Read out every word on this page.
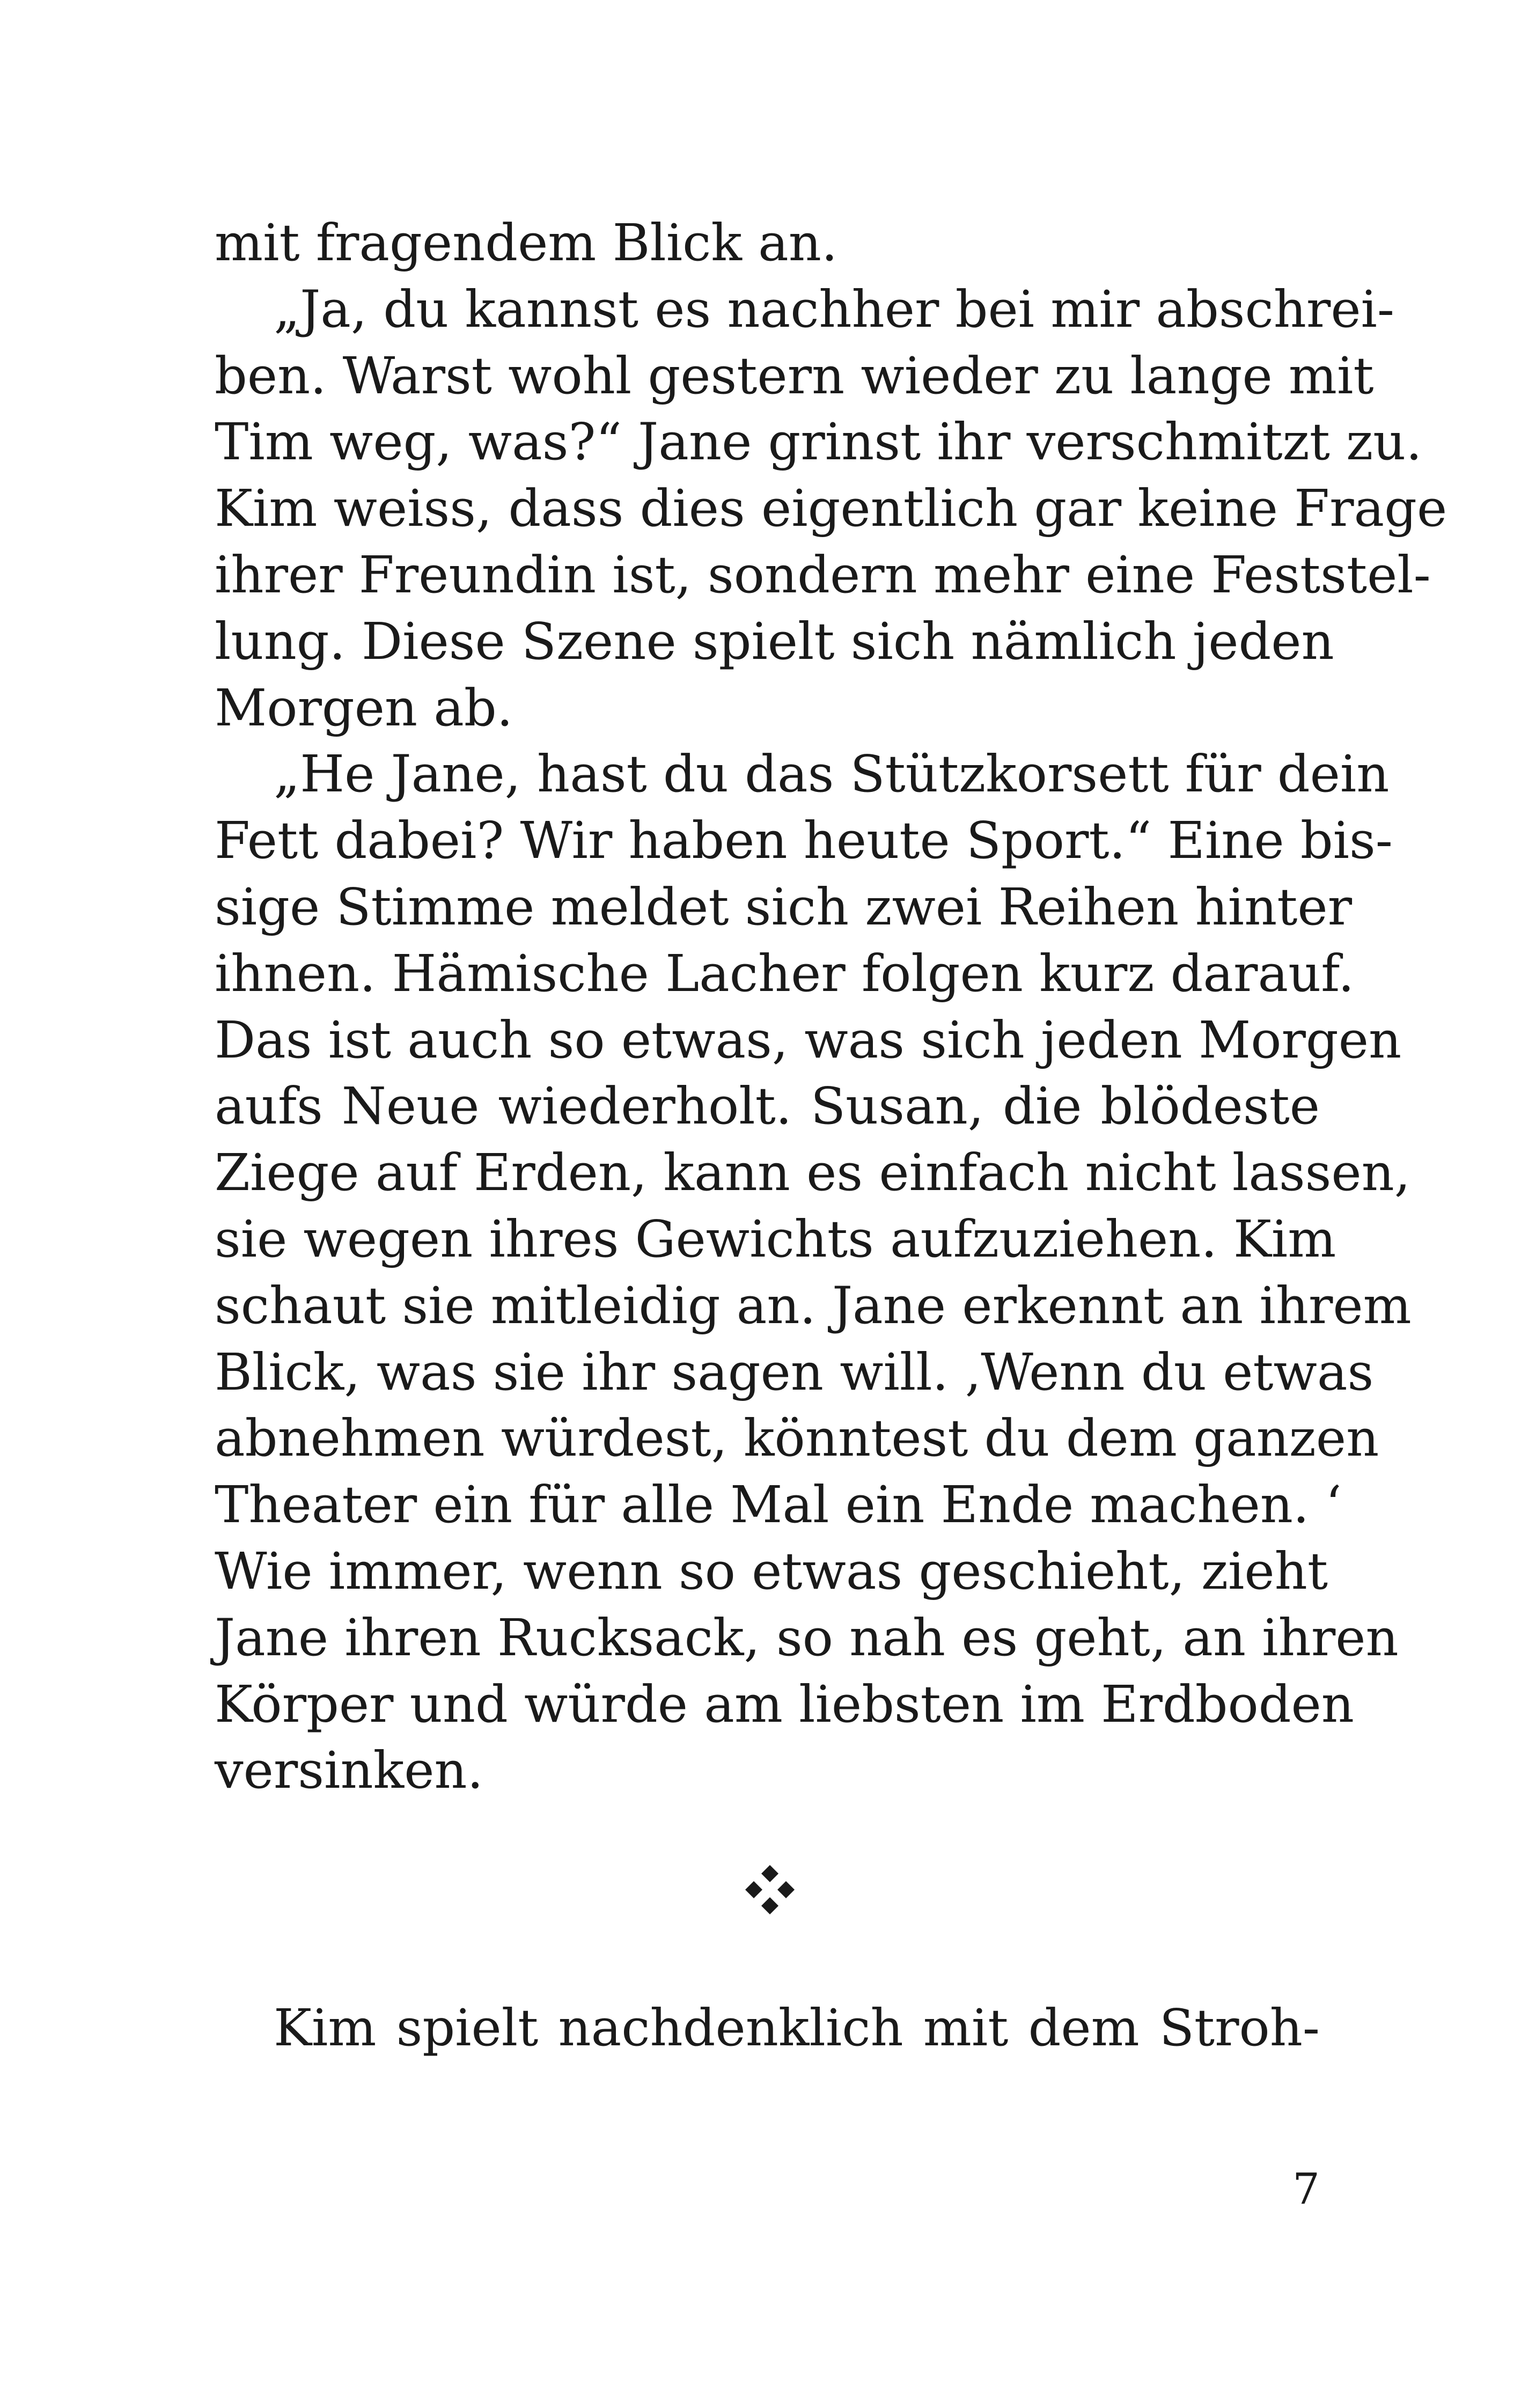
mit fragendem Blick an.
„Ja, du kannst es nachher bei mir abschrei-
ben. Warst wohl gestern wieder zu lange mit
Tim weg, was?“ Jane grinst ihr verschmitzt zu.
Kim weiss, dass dies eigentlich gar keine Frage
ihrer Freundin ist, sondern mehr eine Feststel-
lung. Diese Szene spielt sich nämlich jeden
Morgen ab.
„He Jane, hast du das Stützkorsett für dein
Fett dabei? Wir haben heute Sport.“ Eine bis-
sige Stimme meldet sich zwei Reihen hinter
ihnen. Hämische Lacher folgen kurz darauf.
Das ist auch so etwas, was sich jeden Morgen
aufs Neue wiederholt. Susan, die blödeste
Ziege auf Erden, kann es einfach nicht lassen,
sie wegen ihres Gewichts aufzuziehen. Kim
schaut sie mitleidig an. Jane erkennt an ihrem
Blick, was sie ihr sagen will. ‚Wenn du etwas
abnehmen würdest, könntest du dem ganzen
Theater ein für alle Mal ein Ende machen. ‘
Wie immer, wenn so etwas geschieht, zieht
Jane ihren Rucksack, so nah es geht, an ihren
Körper und würde am liebsten im Erdboden
versinken.
Kim spielt nachdenklich mit dem Stroh-
7
